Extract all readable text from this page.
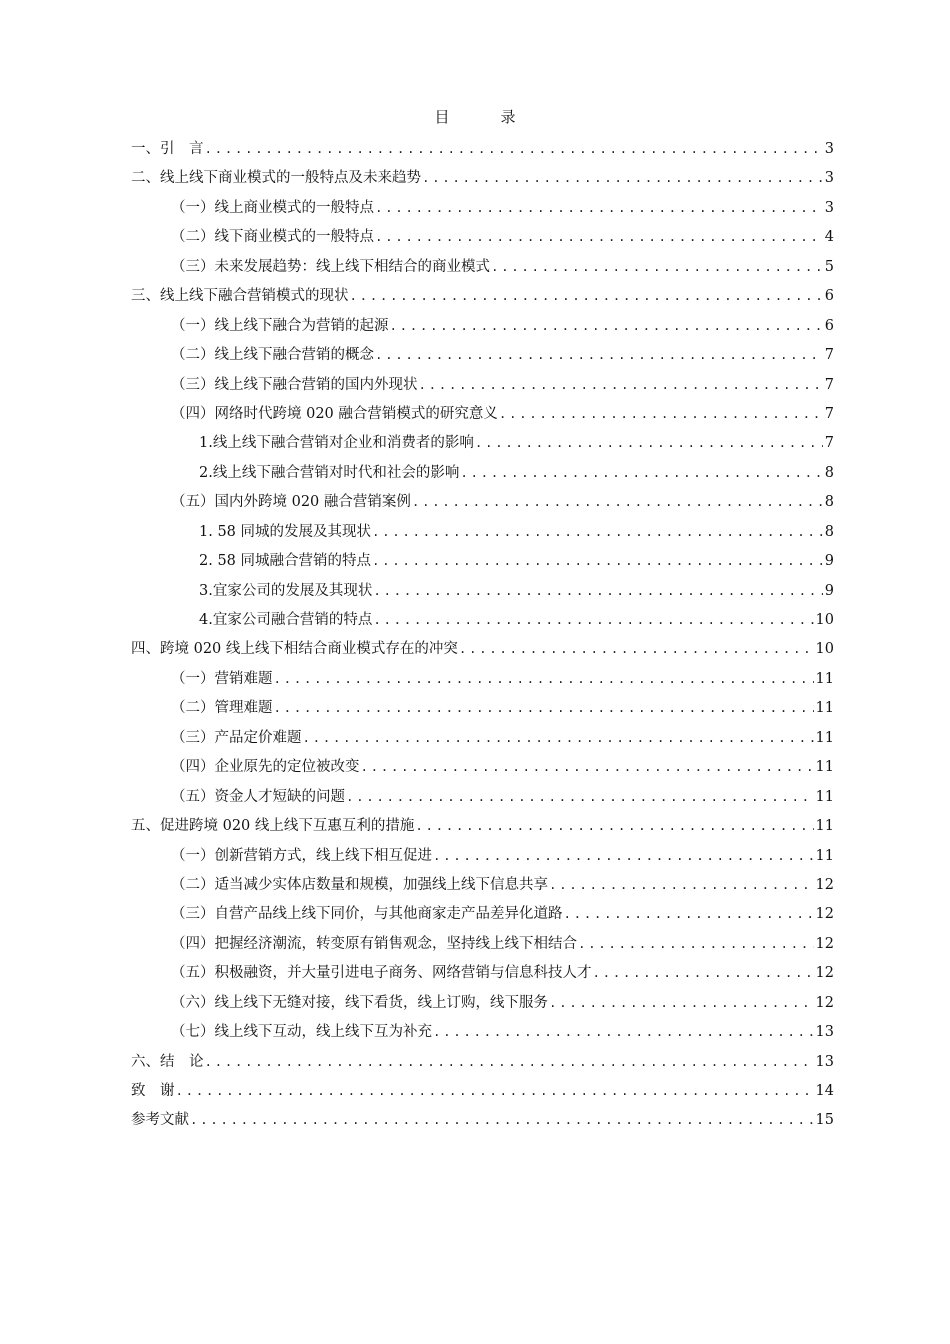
目　录
一、引　言 .....	3
二、线上线下商业模式的一般特点及未来趋势 .....	3
（一）线上商业模式的一般特点 .....	3
（二）线下商业模式的一般特点 .....	4
（三）未来发展趋势：线上线下相结合的商业模式 .....	5
三、线上线下融合营销模式的现状 .....	6
（一）线上线下融合为营销的起源 .....	6
（二）线上线下融合营销的概念 .....	7
（三）线上线下融合营销的国内外现状 .....	7
（四）网络时代跨境 020 融合营销模式的研究意义 .....	7
1.线上线下融合营销对企业和消费者的影响 .....	7
2.线上线下融合营销对时代和社会的影响 .....	8
（五）国内外跨境 020 融合营销案例 .....	8
1. 58 同城的发展及其现状 .....	8
2. 58 同城融合营销的特点 .....	9
3.宜家公司的发展及其现状 .....	9
4.宜家公司融合营销的特点 .....	10
四、跨境 020 线上线下相结合商业模式存在的冲突 .....	10
（一）营销难题 .....	11
（二）管理难题 .....	11
（三）产品定价难题 .....	11
（四）企业原先的定位被改变 .....	11
（五）资金人才短缺的问题 .....	11
五、促进跨境 020 线上线下互惠互利的措施 .....	11
（一）创新营销方式，线上线下相互促进 .....	11
（二）适当减少实体店数量和规模，加强线上线下信息共享 .....	12
（三）自营产品线上线下同价，与其他商家走产品差异化道路 .....	12
（四）把握经济潮流，转变原有销售观念，坚持线上线下相结合 .....	12
（五）积极融资，并大量引进电子商务、网络营销与信息科技人才 .....	12
（六）线上线下无缝对接，线下看货，线上订购，线下服务 .....	12
（七）线上线下互动，线上线下互为补充 .....	13
六、结　论 .....	13
致　谢 .....	14
参考文献 .....	15
